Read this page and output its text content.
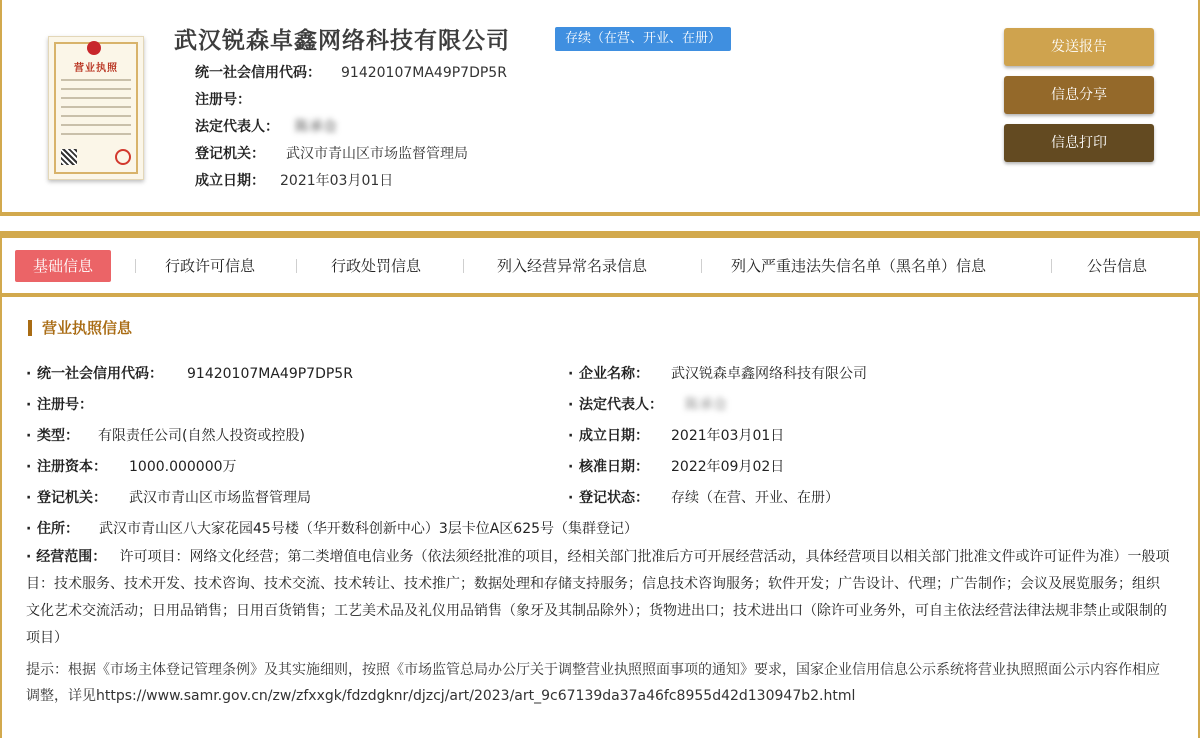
营业执照
武汉锐森卓鑫网络科技有限公司	存续（在营、开业、在册）
统一社会信用代码： 91420107MA49P7DP5R
注册号：
法定代表人： 陈承仓
登记机关： 武汉市青山区市场监督管理局
成立日期： 2021年03月01日
发送报告
信息分享
信息打印
基础信息	行政许可信息	行政处罚信息	列入经营异常名录信息	列入严重违法失信名单（黑名单）信息	公告信息
营业执照信息
· 统一社会信用代码： 91420107MA49P7DP5R
· 注册号：
· 类型： 有限责任公司(自然人投资或控股)
· 注册资本： 1000.000000万
· 登记机关： 武汉市青山区市场监督管理局
· 住所： 武汉市青山区八大家花园45号楼（华开数科创新中心）3层卡位A区625号（集群登记）
· 企业名称： 武汉锐森卓鑫网络科技有限公司
· 法定代表人： 陈承仓
· 成立日期： 2021年03月01日
· 核准日期： 2022年09月02日
· 登记状态： 存续（在营、开业、在册）
· 经营范围： 许可项目：网络文化经营；第二类增值电信业务（依法须经批准的项目，经相关部门批准后方可开展经营活动，具体经营项目以相关部门批准文件或许可证件为准）一般项目：技术服务、技术开发、技术咨询、技术交流、技术转让、技术推广；数据处理和存储支持服务；信息技术咨询服务；软件开发；广告设计、代理；广告制作；会议及展览服务；组织文化艺术交流活动；日用品销售；日用百货销售；工艺美术品及礼仪用品销售（象牙及其制品除外）；货物进出口；技术进出口（除许可业务外，可自主依法经营法律法规非禁止或限制的项目）
提示：根据《市场主体登记管理条例》及其实施细则，按照《市场监管总局办公厅关于调整营业执照照面事项的通知》要求，国家企业信用信息公示系统将营业执照照面公示内容作相应调整，详见https://www.samr.gov.cn/zw/zfxxgk/fdzdgknr/djzcj/art/2023/art_9c67139da37a46fc8955d42d130947b2.html
